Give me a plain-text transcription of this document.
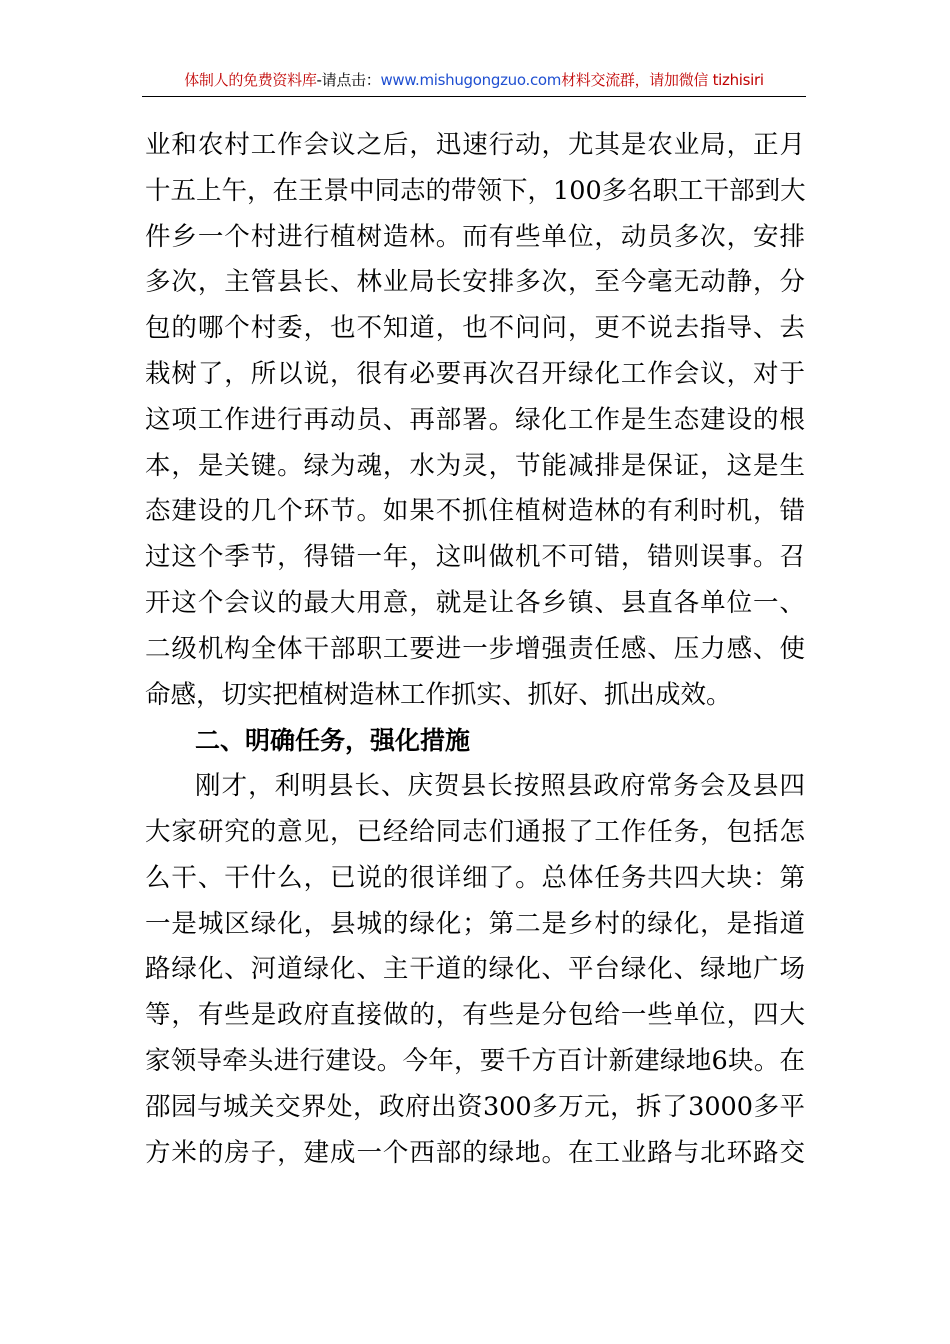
体制人的免费资料库-请点击：www.mishugongzuo.com材料交流群，请加微信 tizhisiri
业和农村工作会议之后，迅速行动，尤其是农业局，正月
十五上午，在王景中同志的带领下，100多名职工干部到大
件乡一个村进行植树造林。而有些单位，动员多次，安排
多次，主管县长、林业局长安排多次，至今毫无动静，分
包的哪个村委，也不知道，也不问问，更不说去指导、去
栽树了，所以说，很有必要再次召开绿化工作会议，对于
这项工作进行再动员、再部署。绿化工作是生态建设的根
本，是关键。绿为魂，水为灵，节能减排是保证，这是生
态建设的几个环节。如果不抓住植树造林的有利时机，错
过这个季节，得错一年，这叫做机不可错，错则误事。召
开这个会议的最大用意，就是让各乡镇、县直各单位一、
二级机构全体干部职工要进一步增强责任感、压力感、使
命感，切实把植树造林工作抓实、抓好、抓出成效。
二、明确任务，强化措施
刚才，利明县长、庆贺县长按照县政府常务会及县四
大家研究的意见，已经给同志们通报了工作任务，包括怎
么干、干什么，已说的很详细了。总体任务共四大块：第
一是城区绿化，县城的绿化；第二是乡村的绿化，是指道
路绿化、河道绿化、主干道的绿化、平台绿化、绿地广场
等，有些是政府直接做的，有些是分包给一些单位，四大
家领导牵头进行建设。今年，要千方百计新建绿地6块。在
邵园与城关交界处，政府出资300多万元，拆了3000多平
方米的房子，建成一个西部的绿地。在工业路与北环路交
